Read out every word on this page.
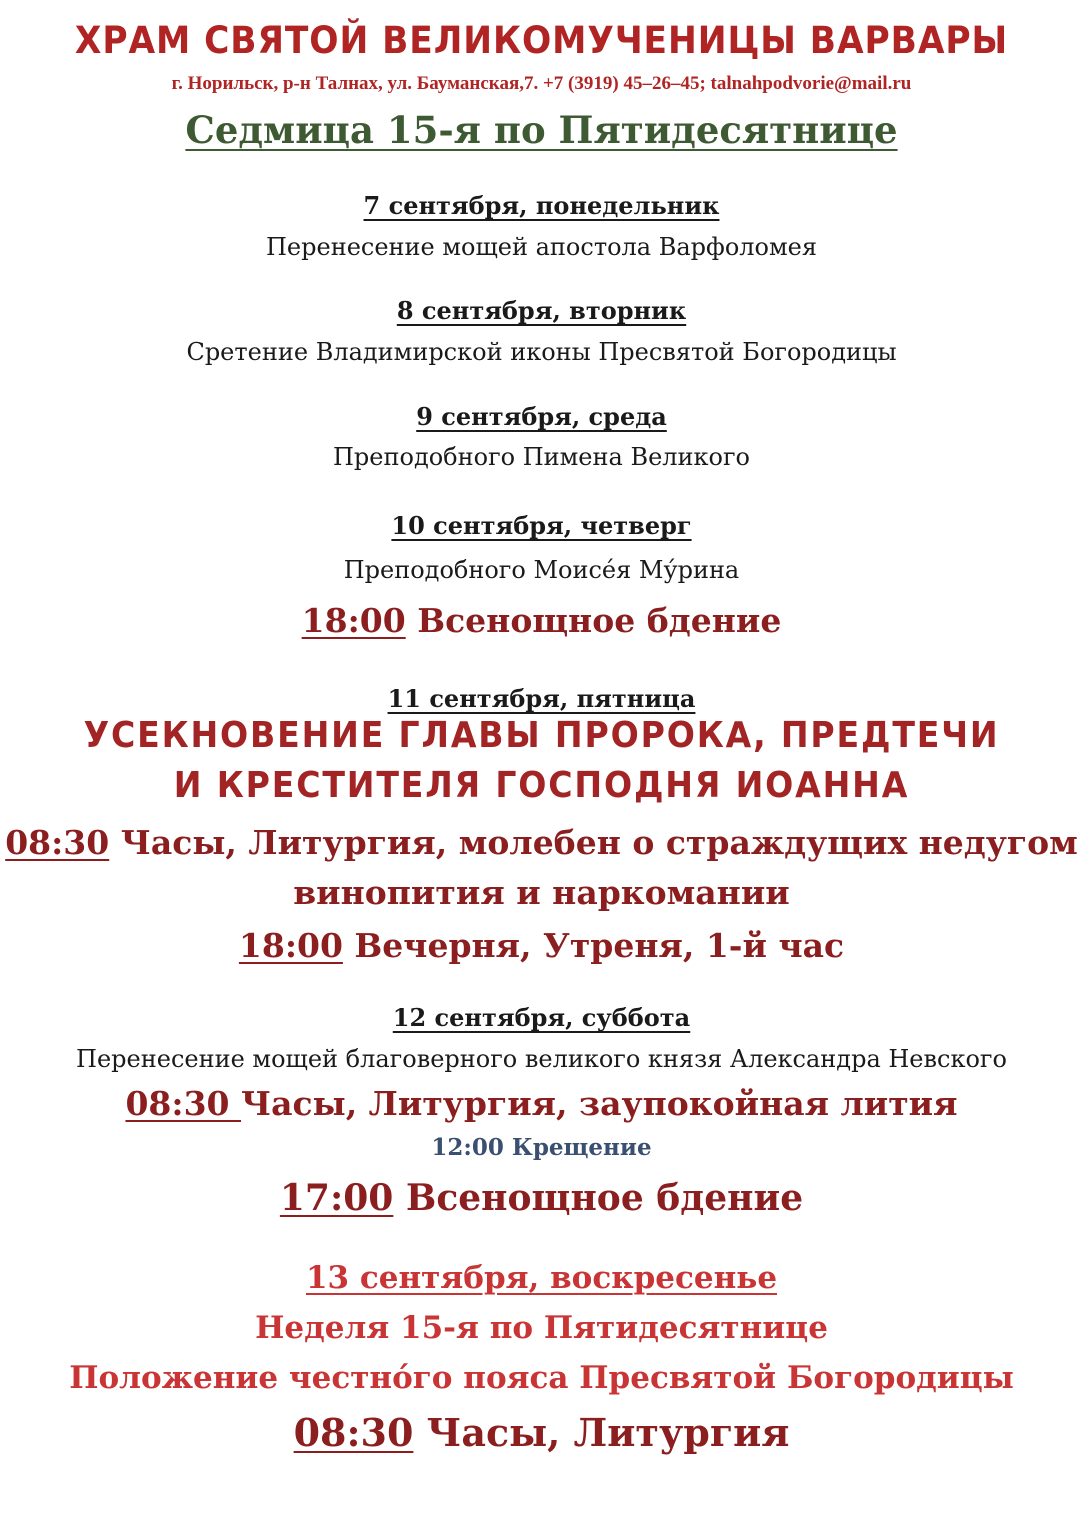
ХРАМ СВЯТОЙ ВЕЛИКОМУЧЕНИЦЫ ВАРВАРЫ
г. Норильск, р-н Талнах, ул. Бауманская,7. +7 (3919) 45–26–45; talnahpodvorie@mail.ru
Седмица 15-я по Пятидесятнице
7 сентября, понедельник
Перенесение мощей апостола Варфоломея
8 сентября, вторник
Сретение Владимирской иконы Пресвятой Богородицы
9 сентября, среда
Преподобного Пимена Великого
10 сентября, четверг
Преподобного Моисе́я Му́рина
18:00 Всенощное бдение
11 сентября, пятница
УСЕКНОВЕНИЕ ГЛАВЫ ПРОРОКА, ПРЕДТЕЧИ
И КРЕСТИТЕЛЯ ГОСПОДНЯ ИОАННА
08:30 Часы, Литургия, молебен о страждущих недугом
винопития и наркомании
18:00 Вечерня, Утреня, 1-й час
12 сентября, суббота
Перенесение мощей благоверного великого князя Александра Невского
08:30 Часы, Литургия, заупокойная лития
12:00 Крещение
17:00 Всенощное бдение
13 сентября, воскресенье
Неделя 15-я по Пятидесятнице
Положение честно́го пояса Пресвятой Богородицы
08:30 Часы, Литургия
